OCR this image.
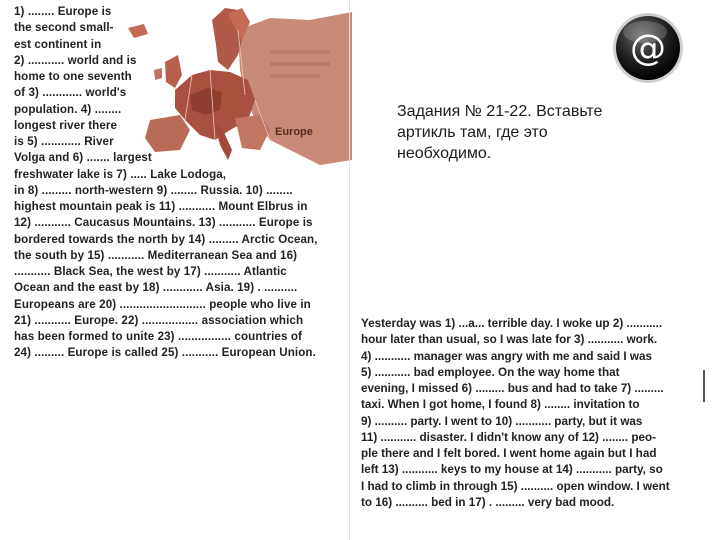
Europe
1) ........ Europe is
the second small-
est continent in
2) ........... world and is
home to one seventh
of 3) ............ world's
population. 4) ........
longest river there
is 5) ............ River
Volga and 6) ....... largest
freshwater lake is 7) ..... Lake Lodoga,
in 8) ......... north-western 9) ........ Russia. 10) ........
highest mountain peak is 11) ........... Mount Elbrus in
12) ........... Caucasus Mountains. 13) ........... Europe is
bordered towards the north by 14) ......... Arctic Ocean,
the south by 15) ........... Mediterranean Sea and 16)
........... Black Sea, the west by 17) ........... Atlantic
Ocean and the east by 18) ............ Asia. 19) . ..........
Europeans are 20) .......................... people who live in
21) ........... Europe. 22) ................. association which
has been formed to unite 23) ................ countries of
24) ......... Europe is called 25) ........... European Union.
@
Задания № 21-22. Вставьте
артикль там, где это
необходимо.
Yesterday was 1) ...a... terrible day. I woke up 2) ...........
hour later than usual, so I was late for 3) ........... work.
4) ........... manager was angry with me and said I was
5) ........... bad employee. On the way home that
evening, I missed 6) ......... bus and had to take 7) .........
taxi. When I got home, I found 8) ........ invitation to
9) .......... party. I went to 10) ........... party, but it was
11) ........... disaster. I didn't know any of 12) ........ peo-
ple there and I felt bored. I went home again but I had
left 13) ........... keys to my house at 14) ........... party, so
I had to climb in through 15) .......... open window. I went
to 16) .......... bed in 17) . ......... very bad mood.
